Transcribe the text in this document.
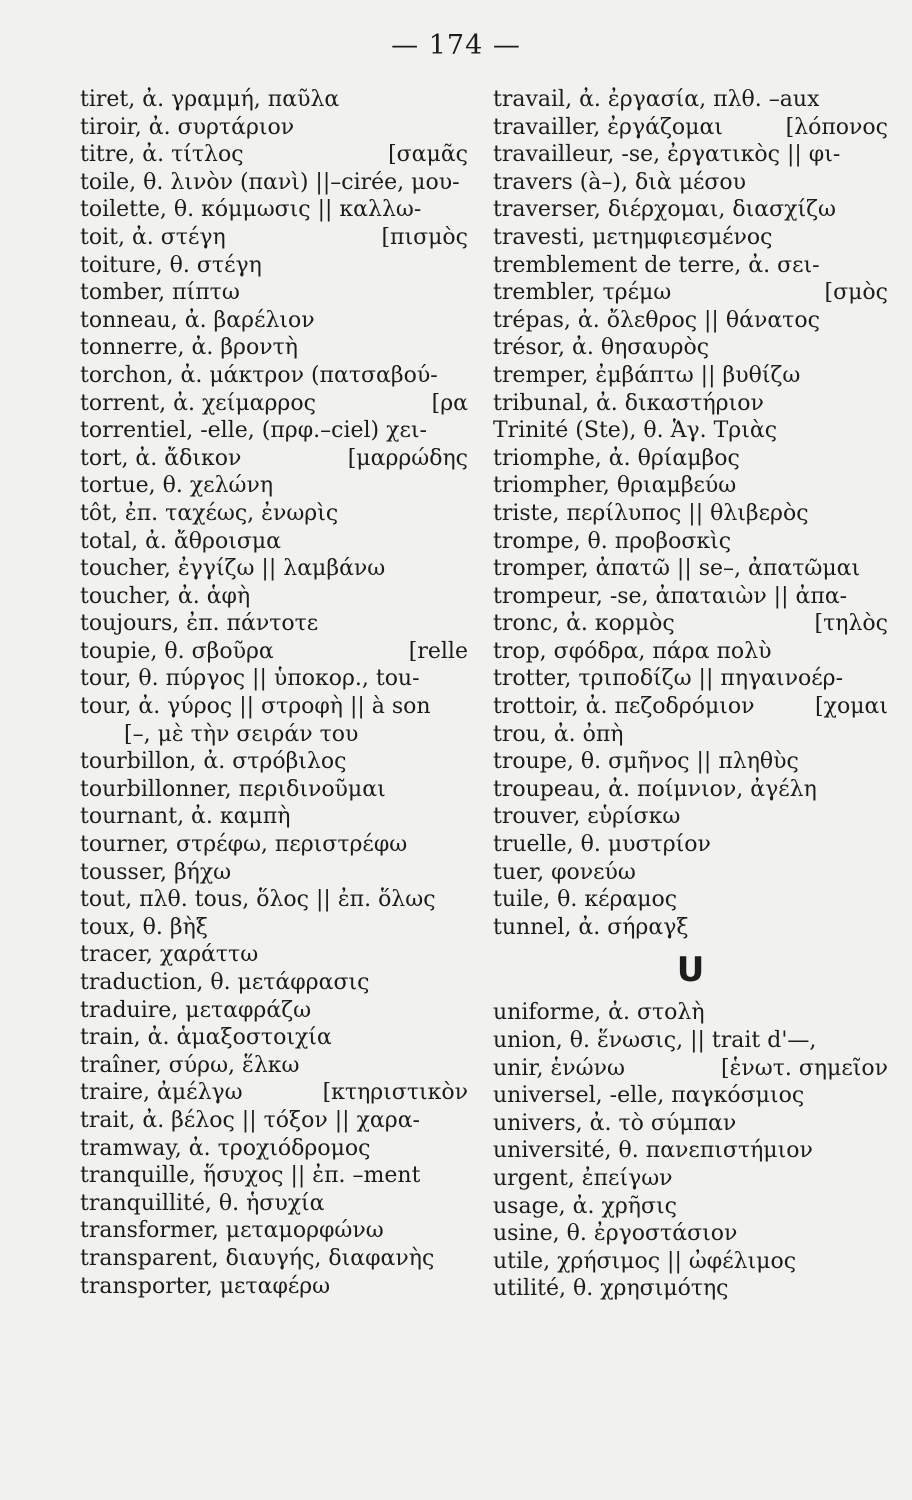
— 174 —
tiret, ἀ. γραμμή, παῦλα
tiroir, ἀ. συρτάριον
titre, ἀ. τίτλος	[σαμᾶς
toile, θ. λινὸν (πανὶ) ||–cirée, μου-
toilette, θ. κόμμωσις || καλλω-
toit, ἀ. στέγη	[πισμὸς
toiture, θ. στέγη
tomber, πίπτω
tonneau, ἀ. βαρέλιον
tonnerre, ἀ. βροντὴ
torchon, ἀ. μάκτρον (πατσαβού-
torrent, ἀ. χείμαρρος	[ρα
torrentiel, -elle, (πρφ.–ciel) χει-
tort, ἀ. ἄδικον	[μαρρώδης
tortue, θ. χελώνη
tôt, ἐπ. ταχέως, ἐνωρὶς
total, ἀ. ἄθροισμα
toucher, ἐγγίζω || λαμβάνω
toucher, ἀ. ἁφὴ
toujours, ἐπ. πάντοτε
toupie, θ. σβοῦρα	[relle
tour, θ. πύργος || ὑποκορ., tou-
tour, ἀ. γύρος || στροφὴ || à son
[–, μὲ τὴν σειράν του
tourbillon, ἀ. στρόβιλος
tourbillonner, περιδινοῦμαι
tournant, ἀ. καμπὴ
tourner, στρέφω, περιστρέφω
tousser, βήχω
tout, πλθ. tous, ὅλος || ἐπ. ὅλως
toux, θ. βὴξ
tracer, χαράττω
traduction, θ. μετάφρασις
traduire, μεταφράζω
train, ἀ. ἁμαξοστοιχία
traîner, σύρω, ἕλκω
traire, ἀμέλγω	[κτηριστικὸν
trait, ἀ. βέλος || τόξον || χαρα-
tramway, ἀ. τροχιόδρομος
tranquille, ἥσυχος || ἐπ. –ment
tranquillité, θ. ἡσυχία
transformer, μεταμορφώνω
transparent, διαυγής, διαφανὴς
transporter, μεταφέρω
travail, ἀ. ἐργασία, πλθ. –aux
travailler, ἐργάζομαι	[λόπονος
travailleur, -se, ἐργατικὸς || φι-
travers (à–), διὰ μέσου
traverser, διέρχομαι, διασχίζω
travesti, μετημφιεσμένος
tremblement de terre, ἀ. σει-
trembler, τρέμω	[σμὸς
trépas, ἀ. ὄλεθρος || θάνατος
trésor, ἀ. θησαυρὸς
tremper, ἐμβάπτω || βυθίζω
tribunal, ἀ. δικαστήριον
Trinité (Ste), θ. Ἁγ. Τριὰς
triomphe, ἀ. θρίαμβος
triompher, θριαμβεύω
triste, περίλυπος || θλιβερὸς
trompe, θ. προβοσκὶς
tromper, ἀπατῶ || se–, ἀπατῶμαι
trompeur, -se, ἀπαταιὼν || ἀπα-
tronc, ἀ. κορμὸς	[τηλὸς
trop, σφόδρα, πάρα πολὺ
trotter, τριποδίζω || πηγαινοέρ-
trottoir, ἀ. πεζοδρόμιον	[χομαι
trou, ἀ. ὀπὴ
troupe, θ. σμῆνος || πληθὺς
troupeau, ἀ. ποίμνιον, ἀγέλη
trouver, εὑρίσκω
truelle, θ. μυστρίον
tuer, φονεύω
tuile, θ. κέραμος
tunnel, ἀ. σήραγξ
U
uniforme, ἀ. στολὴ
union, θ. ἕνωσις, || trait d'—,
unir, ἑνώνω	[ἑνωτ. σημεῖον
universel, -elle, παγκόσμιος
univers, ἀ. τὸ σύμπαν
université, θ. πανεπιστήμιον
urgent, ἐπείγων
usage, ἀ. χρῆσις
usine, θ. ἐργοστάσιον
utile, χρήσιμος || ὠφέλιμος
utilité, θ. χρησιμότης
